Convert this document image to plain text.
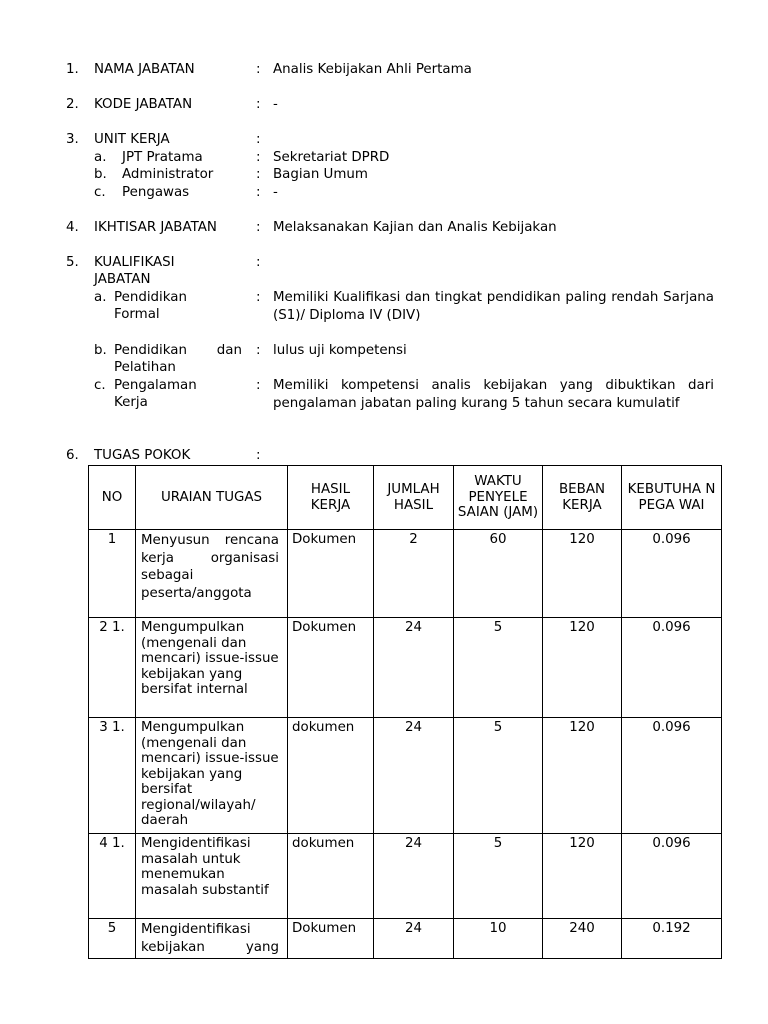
1. NAMA JABATAN	: Analis Kebijakan Ahli Pertama
2. KODE JABATAN	: -
3. UNIT KERJA	:
a. JPT Pratama	: Sekretariat DPRD
b. Administrator	: Bagian Umum
c. Pengawas	: -
4. IKHTISAR JABATAN	: Melaksanakan Kajian dan Analis Kebijakan
5. KUALIFIKASI
JABATAN
:
a. Pendidikan
Formal
: Memiliki Kualifikasi dan tingkat pendidikan paling rendah Sarjana (S1)/ Diploma IV (DIV)
b. Pendidikan dan
Pelatihan
: lulus uji kompetensi
c. Pengalaman
Kerja
: Memiliki kompetensi analis kebijakan yang dibuktikan dari pengalaman jabatan paling kurang 5 tahun secara kumulatif
6. TUGAS POKOK	:
NO	URAIAN TUGAS	HASIL KERJA	JUMLAH HASIL	WAKTU PENYELE SAIAN (JAM)	BEBAN KERJA	KEBUTUHA N PEGA WAI
1	Menyusun rencana kerja organisasi sebagai peserta/anggota	Dokumen	2	60	120	0.096
2 1.	Mengumpulkan (mengenali dan mencari) issue-issue kebijakan yang bersifat internal	Dokumen	24	5	120	0.096
3 1.	Mengumpulkan (mengenali dan mencari) issue-issue kebijakan yang bersifat regional/wilayah/ daerah	dokumen	24	5	120	0.096
4 1.	Mengidentifikasi masalah untuk menemukan masalah substantif	dokumen	24	5	120	0.096
5	Mengidentifikasi kebijakan yang	Dokumen	24	10	240	0.192
